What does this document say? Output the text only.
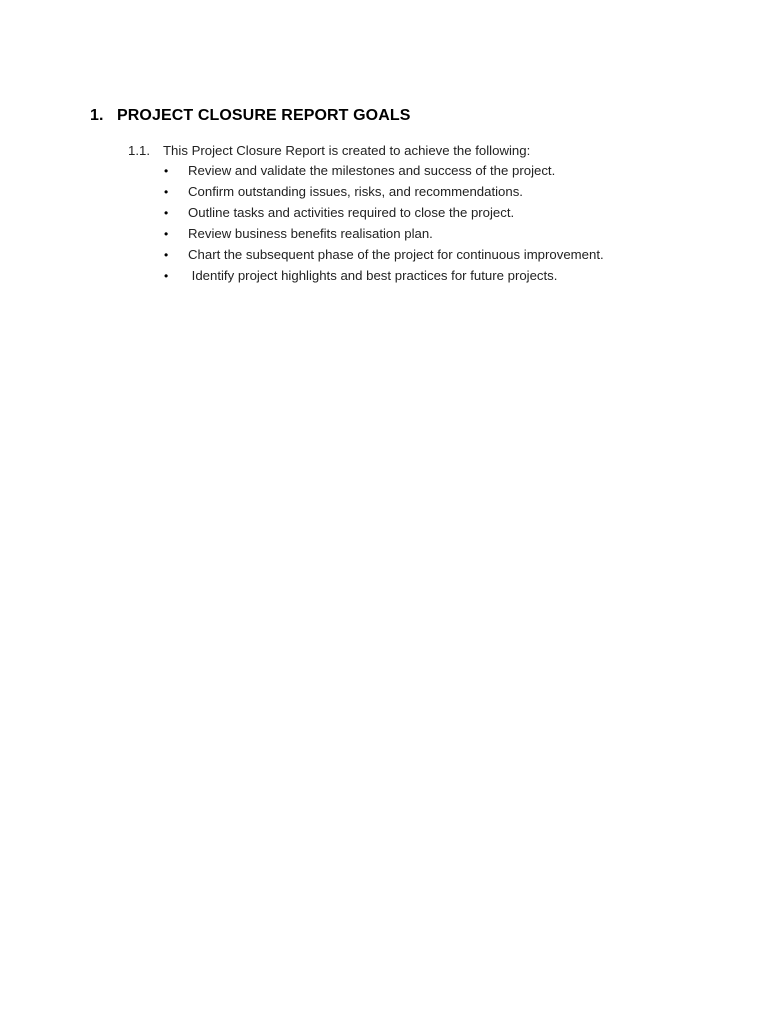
1. PROJECT CLOSURE REPORT GOALS
1.1. This Project Closure Report is created to achieve the following:
•	Review and validate the milestones and success of the project.
•	Confirm outstanding issues, risks, and recommendations.
•	Outline tasks and activities required to close the project.
•	Review business benefits realisation plan.
•	Chart the subsequent phase of the project for continuous improvement.
•	Identify project highlights and best practices for future projects.
